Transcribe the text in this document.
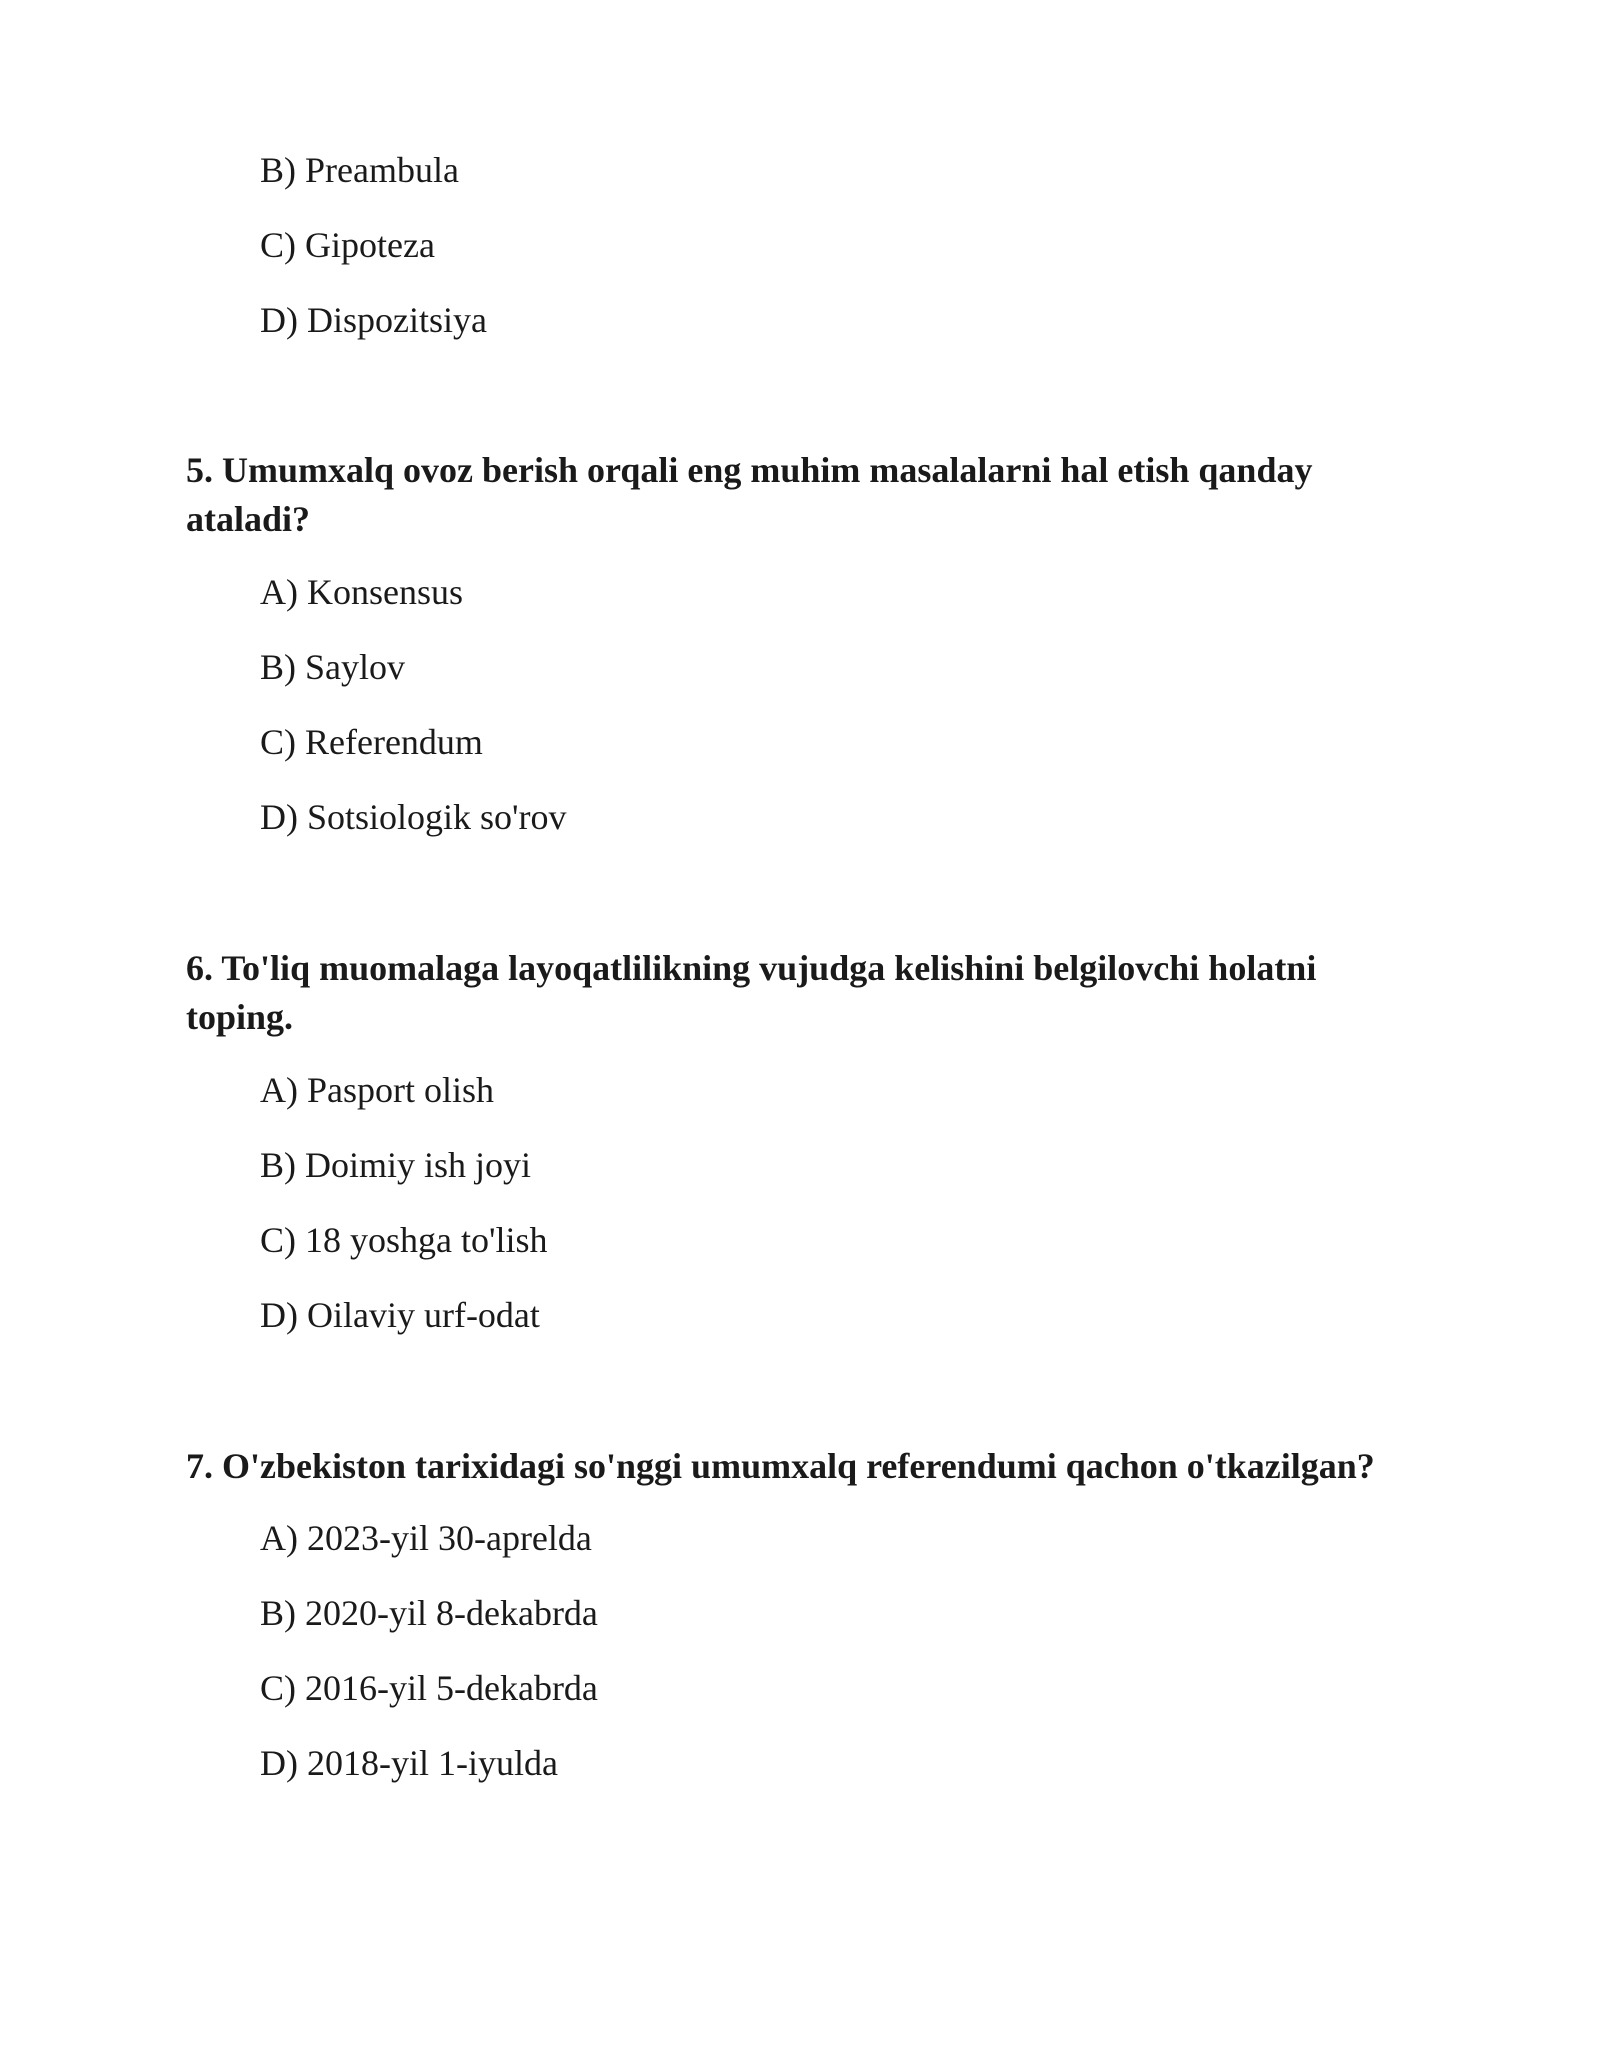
B) Preambula
C) Gipoteza
D) Dispozitsiya
5. Umumxalq ovoz berish orqali eng muhim masalalarni hal etish qanday ataladi?
A) Konsensus
B) Saylov
C) Referendum
D) Sotsiologik so'rov
6. To'liq muomalaga layoqatlilikning vujudga kelishini belgilovchi holatni toping.
A) Pasport olish
B) Doimiy ish joyi
C) 18 yoshga to'lish
D) Oilaviy urf-odat
7. O'zbekiston tarixidagi so'nggi umumxalq referendumi qachon o'tkazilgan?
A) 2023-yil 30-aprelda
B) 2020-yil 8-dekabrda
C) 2016-yil 5-dekabrda
D) 2018-yil 1-iyulda
